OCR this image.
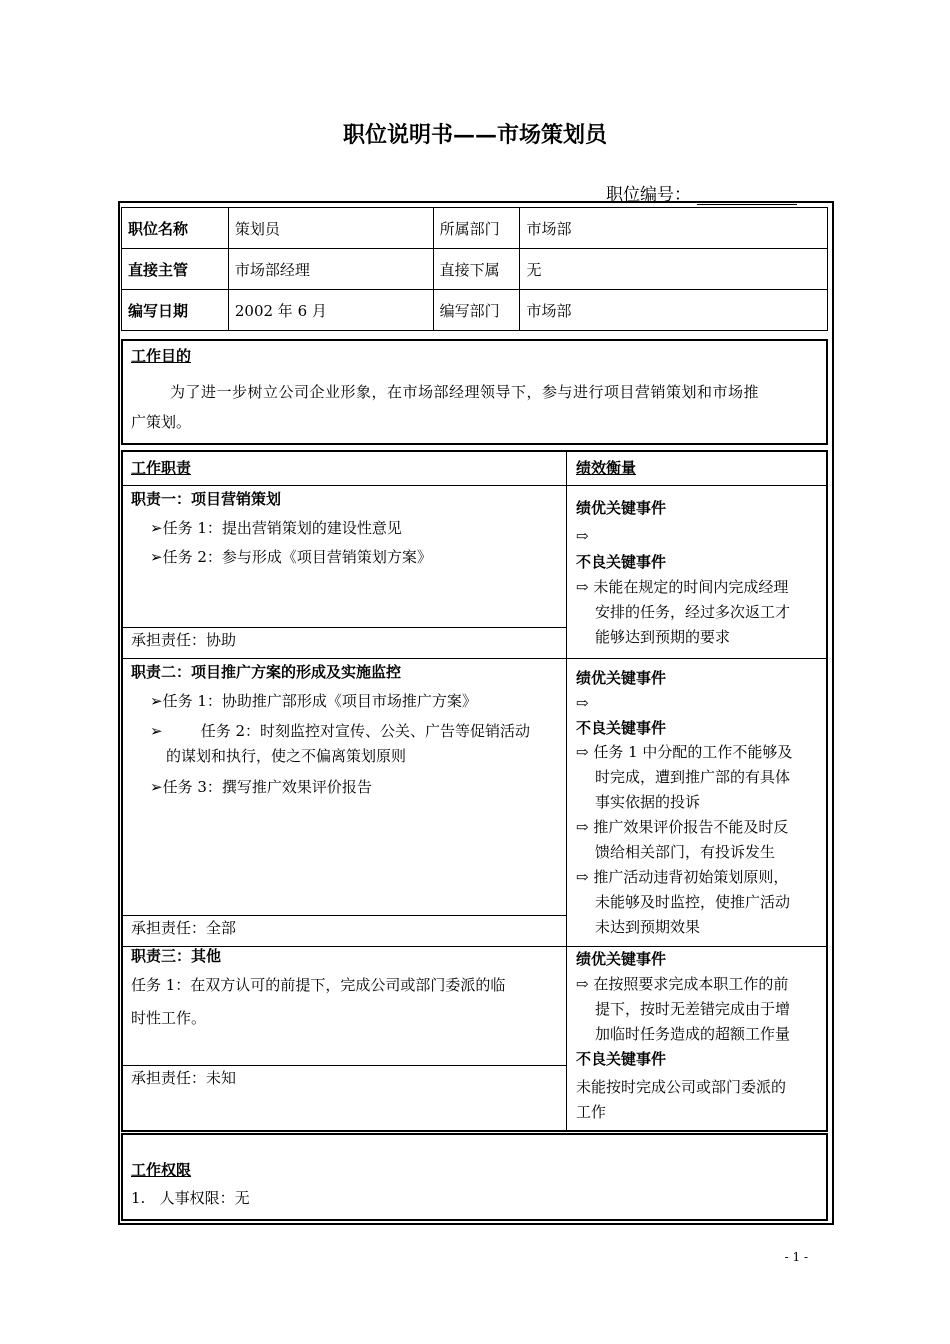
职位说明书——市场策划员
职位编号：
职位名称	策划员	所属部门	市场部
直接主管	市场部经理	直接下属	无
编写日期	2002 年 6 月	编写部门	市场部
工作目的
为了进一步树立公司企业形象，在市场部经理领导下，参与进行项目营销策划和市场推
广策划。
工作职责	绩效衡量
职责一：项目营销策划
➢任务 1：提出营销策划的建设性意见
➢任务 2：参与形成《项目营销策划方案》
承担责任：协助
绩优关键事件
⇨
不良关键事件
⇨ 未能在规定的时间内完成经理
安排的任务，经过多次返工才
能够达到预期的要求
职责二：项目推广方案的形成及实施监控
➢任务 1：协助推广部形成《项目市场推广方案》
➢        任务 2：时刻监控对宣传、公关、广告等促销活动
的谋划和执行，使之不偏离策划原则
➢任务 3：撰写推广效果评价报告
承担责任：全部
绩优关键事件
⇨
不良关键事件
⇨ 任务 1 中分配的工作不能够及
时完成，遭到推广部的有具体
事实依据的投诉
⇨ 推广效果评价报告不能及时反
馈给相关部门，有投诉发生
⇨ 推广活动违背初始策划原则，
未能够及时监控，使推广活动
未达到预期效果
职责三：其他
任务 1：在双方认可的前提下，完成公司或部门委派的临
时性工作。
承担责任：未知
绩优关键事件
⇨ 在按照要求完成本职工作的前
提下，按时无差错完成由于增
加临时任务造成的超额工作量
不良关键事件
未能按时完成公司或部门委派的
工作
工作权限
1.   人事权限：无
- 1 -
